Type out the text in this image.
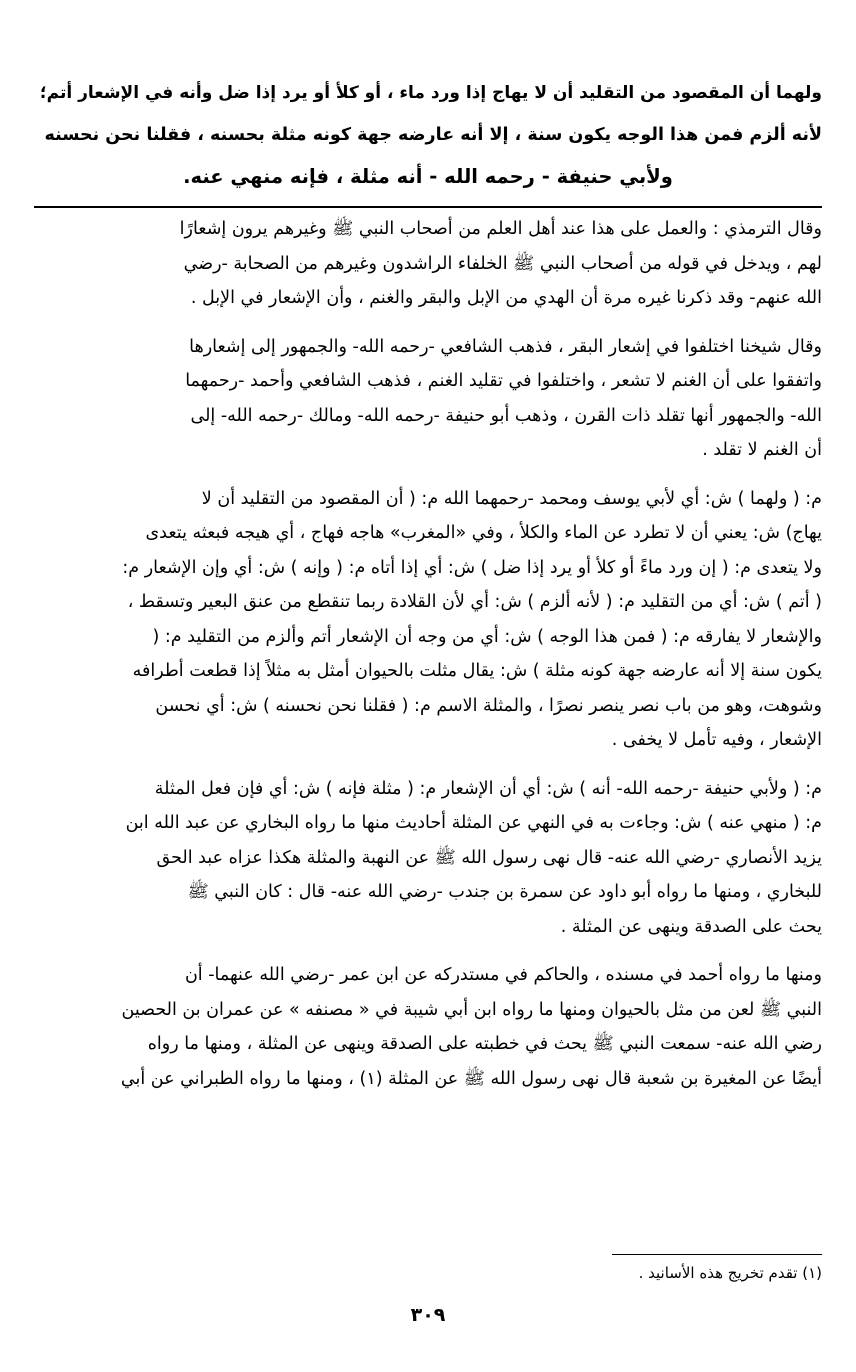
ولهما أن المقصود من التقليد أن لا يهاج إذا ورد ماء ، أو كلأ أو يرد إذا ضل وأنه في الإشعار أتم؛
لأنه ألزم فمن هذا الوجه يكون سنة ، إلا أنه عارضه جهة كونه مثلة بحسنه ، فقلنا نحن نحسنه
ولأبي حنيفة - رحمه الله - أنه مثلة ، فإنه منهي عنه.
وقال الترمذي : والعمل على هذا عند أهل العلم من أصحاب النبي ﷺ وغيرهم يرون إشعارًا
لهم ، ويدخل في قوله من أصحاب النبي ﷺ الخلفاء الراشدون وغيرهم من الصحابة -رضي
الله عنهم- وقد ذكرنا غيره مرة أن الهدي من الإبل والبقر والغنم ، وأن الإشعار في الإبل .
وقال شيخنا اختلفوا في إشعار البقر ، فذهب الشافعي -رحمه الله- والجمهور إلى إشعارها
واتفقوا على أن الغنم لا تشعر ، واختلفوا في تقليد الغنم ، فذهب الشافعي وأحمد -رحمهما
الله- والجمهور أنها تقلد ذات القرن ، وذهب أبو حنيفة -رحمه الله- ومالك -رحمه الله- إلى
أن الغنم لا تقلد .
م: ( ولهما ) ش: أي لأبي يوسف ومحمد -رحمهما الله م: ( أن المقصود من التقليد أن لا
يهاج) ش: يعني أن لا تطرد عن الماء والكلأ ، وفي «المغرب» هاجه فهاج ، أي هيجه فبعثه يتعدى
ولا يتعدى م: ( إن ورد ماءً أو كلأ أو يرد إذا ضل ) ش: أي إذا أتاه م: ( وإنه ) ش: أي وإن الإشعار م:
( أتم ) ش: أي من التقليد م: ( لأنه ألزم ) ش: أي لأن القلادة ربما تنقطع من عنق البعير وتسقط ،
والإشعار لا يفارقه م: ( فمن هذا الوجه ) ش: أي من وجه أن الإشعار أتم وألزم من التقليد م: (
يكون سنة إلا أنه عارضه جهة كونه مثلة ) ش: يقال مثلت بالحيوان أمثل به مثلاً إذا قطعت أطرافه
وشوهت، وهو من باب نصر ينصر نصرًا ، والمثلة الاسم م: ( فقلنا نحن نحسنه ) ش: أي نحسن
الإشعار ، وفيه تأمل لا يخفى .
م: ( ولأبي حنيفة -رحمه الله- أنه ) ش: أي أن الإشعار م: ( مثلة فإنه ) ش: أي فإن فعل المثلة
م: ( منهي عنه ) ش: وجاءت به في النهي عن المثلة أحاديث منها ما رواه البخاري عن عبد الله ابن
يزيد الأنصاري -رضي الله عنه- قال نهى رسول الله ﷺ عن النهبة والمثلة هكذا عزاه عبد الحق
للبخاري ، ومنها ما رواه أبو داود عن سمرة بن جندب -رضي الله عنه- قال : كان النبي ﷺ
يحث على الصدقة وينهى عن المثلة .
ومنها ما رواه أحمد في مسنده ، والحاكم في مستدركه عن ابن عمر -رضي الله عنهما- أن
النبي ﷺ لعن من مثل بالحيوان ومنها ما رواه ابن أبي شيبة في « مصنفه » عن عمران بن الحصين
رضي الله عنه- سمعت النبي ﷺ يحث في خطبته على الصدقة وينهى عن المثلة ، ومنها ما رواه
أيضًا عن المغيرة بن شعبة قال نهى رسول الله ﷺ عن المثلة (١) ، ومنها ما رواه الطبراني عن أبي
(١) تقدم تخريج هذه الأسانيد .
٣٠٩
